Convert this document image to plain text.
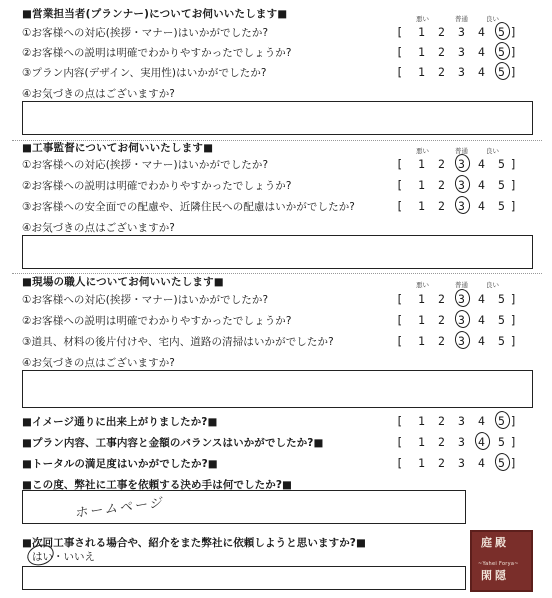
■営業担当者(プランナー)についてお伺いいたします■	悪い	普通	良い
①お客様への対応(挨拶・マナー)はいかがでしたか?	[ 1 2 3 4 5 ]
②お客様への説明は明確でわかりやすかったでしょうか?	[ 1 2 3 4 5 ]
③プラン内容(デザイン、実用性)はいかがでしたか?	[ 1 2 3 4 5 ]
④お気づきの点はございますか?
■工事監督についてお伺いいたします■	悪い	普通	良い
①お客様への対応(挨拶・マナー)はいかがでしたか?	[ 1 2 3 4 5 ]
②お客様への説明は明確でわかりやすかったでしょうか?	[ 1 2 3 4 5 ]
③お客様への安全面での配慮や、近隣住民への配慮はいかがでしたか?	[ 1 2 3 4 5 ]
④お気づきの点はございますか?
■現場の職人についてお伺いいたします■	悪い	普通	良い
①お客様への対応(挨拶・マナー)はいかがでしたか?	[ 1 2 3 4 5 ]
②お客様への説明は明確でわかりやすかったでしょうか?	[ 1 2 3 4 5 ]
③道具、材料の後片付けや、宅内、道路の清掃はいかがでしたか?	[ 1 2 3 4 5 ]
④お気づきの点はございますか?
■イメージ通りに出来上がりましたか?■	[ 1 2 3 4 5 ]
■プラン内容、工事内容と金額のバランスはいかがでしたか?■	[ 1 2 3 4 5 ]
■トータルの満足度はいかがでしたか?■	[ 1 2 3 4 5 ]
■この度、弊社に工事を依頼する決め手は何でしたか?■
ホームページ
■次回工事される場合や、紹介をまた弊社に依頼しようと思いますか?■
はい・いいえ
庭 殿
閑 隠
~Yahei Forya~
